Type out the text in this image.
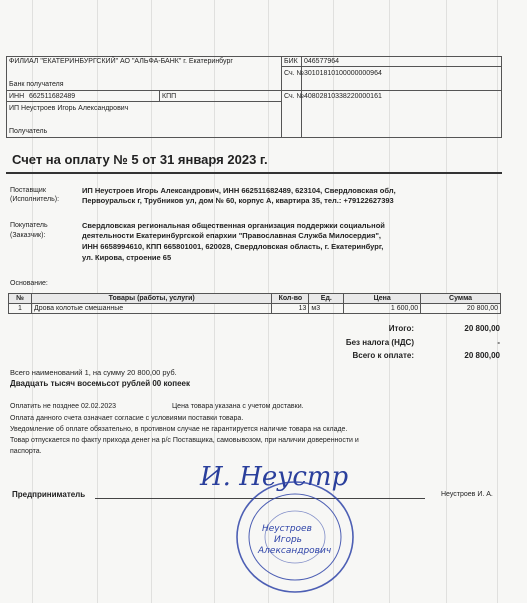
ФИЛИАЛ "ЕКАТЕРИНБУРГСКИЙ" АО "АЛЬФА-БАНК" г. Екатеринбург
Банк получателя
БИК 046577964
Сч. № 30101810100000000964
ИНН 662511682489	КПП	Сч. № 40802810338220000161
ИП Неустроев Игорь Александрович
Получатель
Счет на оплату № 5 от 31 января 2023 г.
Поставщик
(Исполнитель):
ИП Неустроев Игорь Александрович, ИНН 662511682489, 623104, Свердловская обл,
Первоуральск г, Трубников ул, дом № 60, корпус А, квартира 35, тел.: +79122627393
Покупатель
(Заказчик):
Свердловская региональная общественная организация поддержки социальной
деятельности Екатеринбургской епархии "Православная Служба Милосердия",
ИНН 6658994610, КПП 665801001, 620028, Свердловская область, г. Екатеринбург,
ул. Кирова, строение 65
Основание:
№	Товары (работы, услуги)	Кол-во	Ед.	Цена	Сумма
1	Дрова колотые смешанные	13	м3	1 600,00	20 800,00
Итого:	20 800,00
Без налога (НДС)	-
Всего к оплате:	20 800,00
Всего наименований 1, на сумму 20 800,00 руб.
Двадцать тысяч восемьсот рублей 00 копеек
Оплатить не позднее 02.02.2023	Цена товара указана с учетом доставки.
Оплата данного счета означает согласие с условиями поставки товара.
Уведомление об оплате обязательно, в противном случае не гарантируется наличие товара на складе.
Товар отпускается по факту прихода денег на р/с Поставщика, самовывозом, при наличии доверенности и
паспорта.
И. Неустр
Предприниматель	Неустроев И. А.
Неустроев
Игорь
Александрович
